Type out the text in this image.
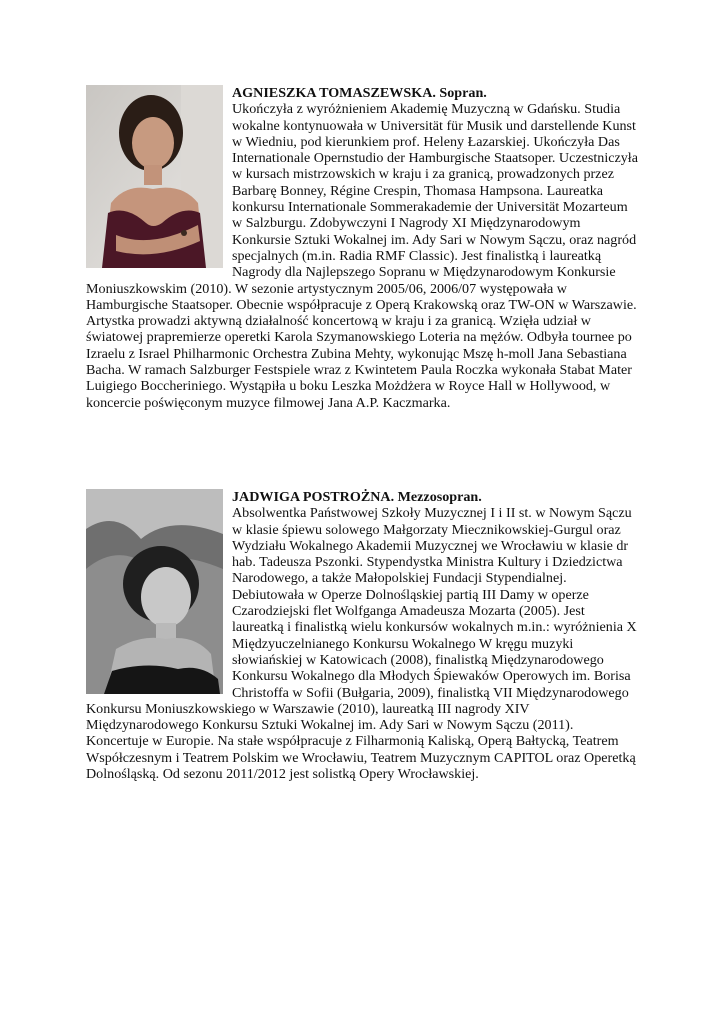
AGNIESZKA TOMASZEWSKA. Sopran.
Ukończyła z wyróżnieniem Akademię Muzyczną w Gdańsku. Studia wokalne kontynuowała w Universität für Musik und darstellende Kunst w Wiedniu, pod kierunkiem prof. Heleny Łazarskiej. Ukończyła Das Internationale Opernstudio der Hamburgische Staatsoper. Uczestniczyła w kursach mistrzowskich w kraju i za granicą, prowadzonych przez Barbarę Bonney, Régine Crespin, Thomasa Hampsona. Laureatka konkursu Internationale Sommerakademie der Universität Mozarteum w Salzburgu. Zdobywczyni I Nagrody XI Międzynarodowym Konkursie Sztuki Wokalnej im. Ady Sari w Nowym Sączu, oraz nagród specjalnych (m.in. Radia RMF Classic). Jest finalistką i laureatką Nagrody dla Najlepszego Sopranu w Międzynarodowym Konkursie Moniuszkowskim (2010). W sezonie artystycznym 2005/06, 2006/07 występowała w Hamburgische Staatsoper. Obecnie współpracuje z Operą Krakowską oraz TW-ON w Warszawie. Artystka prowadzi aktywną działalność koncertową w kraju i za granicą. Wzięła udział w światowej prapremierze operetki Karola Szymanowskiego Loteria na mężów. Odbyła tournee po Izraelu z Israel Philharmonic Orchestra Zubina Mehty, wykonując Mszę h-moll Jana Sebastiana Bacha. W ramach Salzburger Festspiele wraz z Kwintetem Paula Roczka wykonała Stabat Mater Luigiego Boccheriniego. Wystąpiła u boku Leszka Możdżera w Royce Hall w Hollywood, w koncercie poświęconym muzyce filmowej Jana A.P. Kaczmarka.
JADWIGA POSTROŻNA. Mezzosopran.
Absolwentka Państwowej Szkoły Muzycznej I i II st. w Nowym Sączu w klasie śpiewu solowego Małgorzaty Miecznikowskiej-Gurgul oraz Wydziału Wokalnego Akademii Muzycznej we Wrocławiu w klasie dr hab. Tadeusza Pszonki. Stypendystka Ministra Kultury i Dziedzictwa Narodowego, a także Małopolskiej Fundacji Stypendialnej. Debiutowała w Operze Dolnośląskiej partią III Damy w operze Czarodziejski flet Wolfganga Amadeusza Mozarta (2005). Jest laureatką i finalistką wielu konkursów wokalnych m.in.: wyróżnienia X Międzyuczelnianego Konkursu Wokalnego W kręgu muzyki słowiańskiej w Katowicach (2008), finalistką Międzynarodowego Konkursu Wokalnego dla Młodych Śpiewaków Operowych im. Borisa Christoffa w Sofii (Bułgaria, 2009), finalistką VII Międzynarodowego Konkursu Moniuszkowskiego w Warszawie (2010), laureatką III nagrody XIV Międzynarodowego Konkursu Sztuki Wokalnej im. Ady Sari w Nowym Sączu (2011). Koncertuje w Europie. Na stałe współpracuje z Filharmonią Kaliską, Operą Bałtycką, Teatrem Współczesnym i Teatrem Polskim we Wrocławiu, Teatrem Muzycznym CAPITOL oraz Operetką Dolnośląską. Od sezonu 2011/2012 jest solistką Opery Wrocławskiej.
